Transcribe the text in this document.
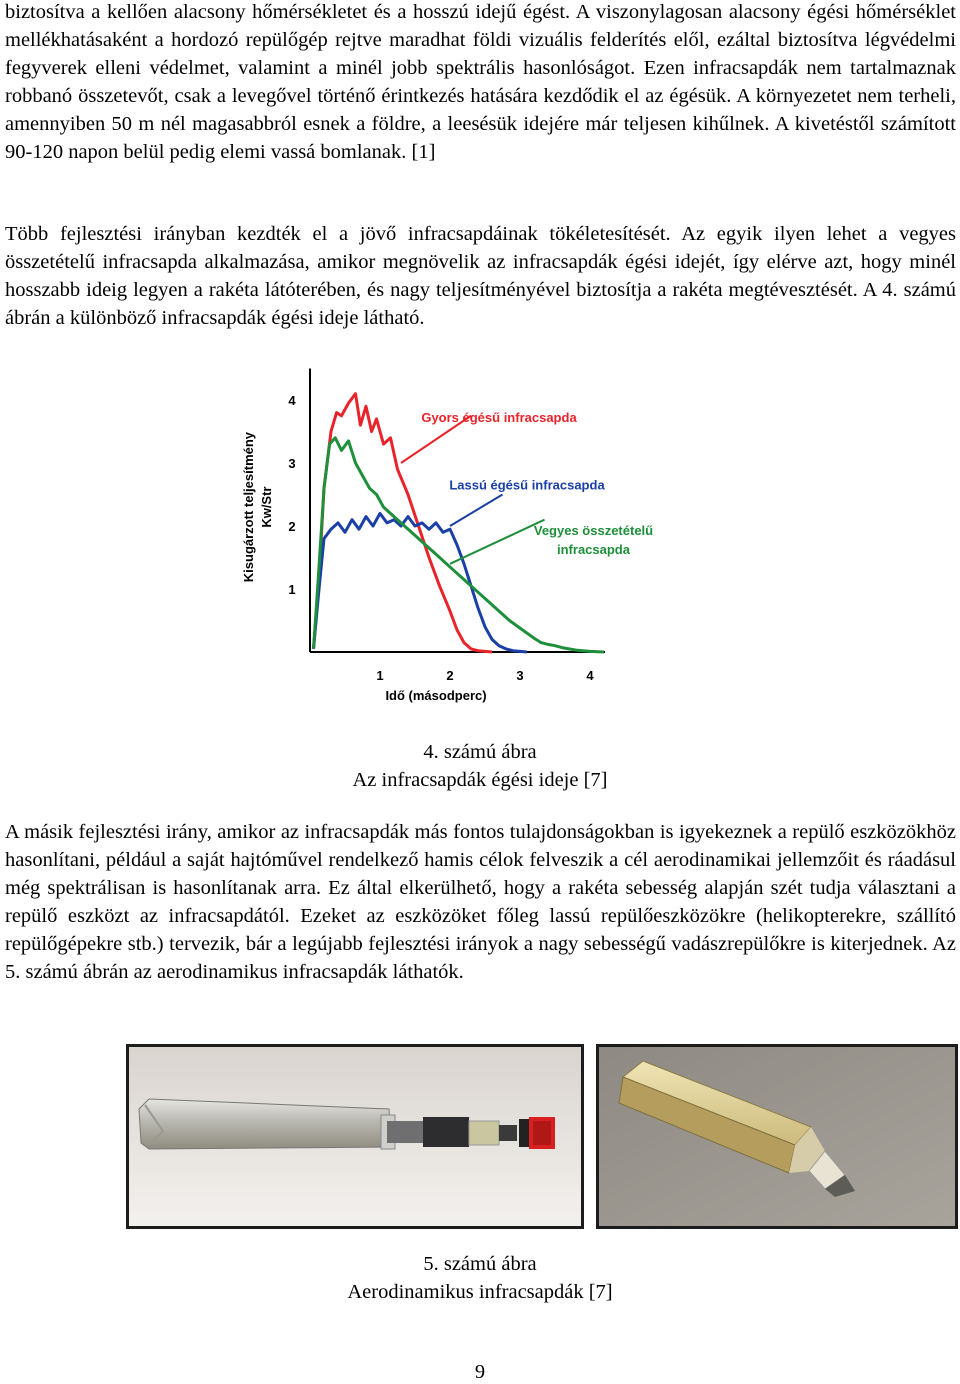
biztosítva a kellően alacsony hőmérsékletet és a hosszú idejű égést. A viszonylagosan alacsony égési hőmérséklet mellékhatásaként a hordozó repülőgép rejtve maradhat földi vizuális felderítés elől, ezáltal biztosítva légvédelmi fegyverek elleni védelmet, valamint a minél jobb spektrális hasonlóságot. Ezen infracsapdák nem tartalmaznak robbanó összetevőt, csak a levegővel történő érintkezés hatására kezdődik el az égésük. A környezetet nem terheli, amennyiben 50 m nél magasabbról esnek a földre, a leesésük idejére már teljesen kihűlnek. A kivetéstől számított 90-120 napon belül pedig elemi vassá bomlanak. [1]

Több fejlesztési irányban kezdték el a jövő infracsapdáinak tökéletesítését. Az egyik ilyen lehet a vegyes összetételű infracsapda alkalmazása, amikor megnövelik az infracsapdák égési idejét, így elérve azt, hogy minél hosszabb ideig legyen a rakéta látóterében, és nagy teljesítményével biztosítja a rakéta megtévesztését. A 4. számú ábrán a különböző infracsapdák égési ideje látható.

1	2	3	4
1
2
3
4
Idő (másodperc)
Kisugárzott teljesítmény Kw/Str
Gyors égésű infracsapda
Lassú égésű infracsapda
Vegyes összetételű
infracsapda

4. számú ábra

Az infracsapdák égési ideje [7]

A másik fejlesztési irány, amikor az infracsapdák más fontos tulajdonságokban is igyekeznek a repülő eszközökhöz hasonlítani, például a saját hajtóművel rendelkező hamis célok felveszik a cél aerodinamikai jellemzőit és ráadásul még spektrálisan is hasonlítanak arra. Ez által elkerülhető, hogy a rakéta sebesség alapján szét tudja választani a repülő eszközt az infracsapdától. Ezeket az eszközöket főleg lassú repülőeszközökre (helikopterekre, szállító repülőgépekre stb.) tervezik, bár a legújabb fejlesztési irányok a nagy sebességű vadászrepülőkre is kiterjednek. Az 5. számú ábrán az aerodinamikus infracsapdák láthatók.

5. számú ábra

Aerodinamikus infracsapdák [7]

9
